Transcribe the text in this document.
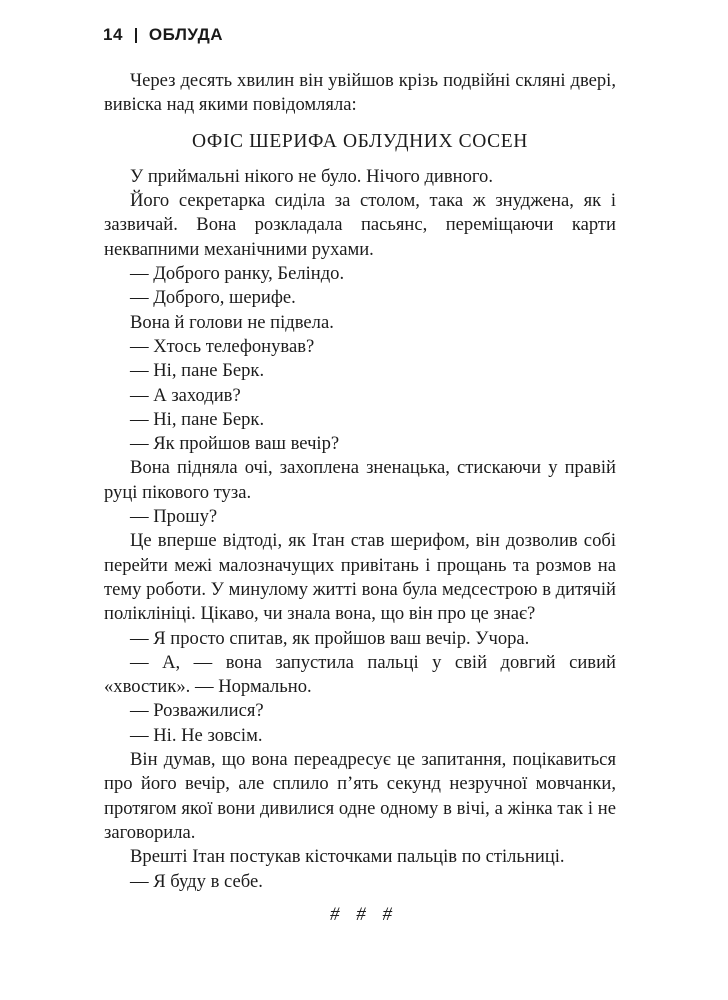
14 ОБЛУДА

Через десять хвилин він увійшов крізь подвійні скляні двері, вивіска над якими повідомляла:

ОФІС ШЕРИФА ОБЛУДНИХ СОСЕН

У приймальні нікого не було. Нічого дивного.

Його секретарка сиділа за столом, така ж знуджена, як і зазвичай. Вона розкладала пасьянс, переміщаючи карти неквапними механічними рухами.

— Доброго ранку, Беліндо.

— Доброго, шерифе.

Вона й голови не підвела.

— Хтось телефонував?

— Ні, пане Берк.

— А заходив?

— Ні, пане Берк.

— Як пройшов ваш вечір?

Вона підняла очі, захоплена зненацька, стискаючи у правій руці пікового туза.

— Прошу?

Це вперше відтоді, як Ітан став шерифом, він дозволив собі перейти межі малозначущих привітань і прощань та розмов на тему роботи. У минулому житті вона була медсестрою в дитячій поліклініці. Цікаво, чи знала вона, що він про це знає?

— Я просто спитав, як пройшов ваш вечір. Учора.

— А, — вона запустила пальці у свій довгий сивий «хвостик». — Нормально.

— Розважилися?

— Ні. Не зовсім.

Він думав, що вона переадресує це запитання, поцікавиться про його вечір, але сплило п’ять секунд незручної мовчанки, протягом якої вони дивилися одне одному в вічі, а жінка так і не заговорила.

Врешті Ітан постукав кісточками пальців по стільниці.

— Я буду в себе.

# # #
